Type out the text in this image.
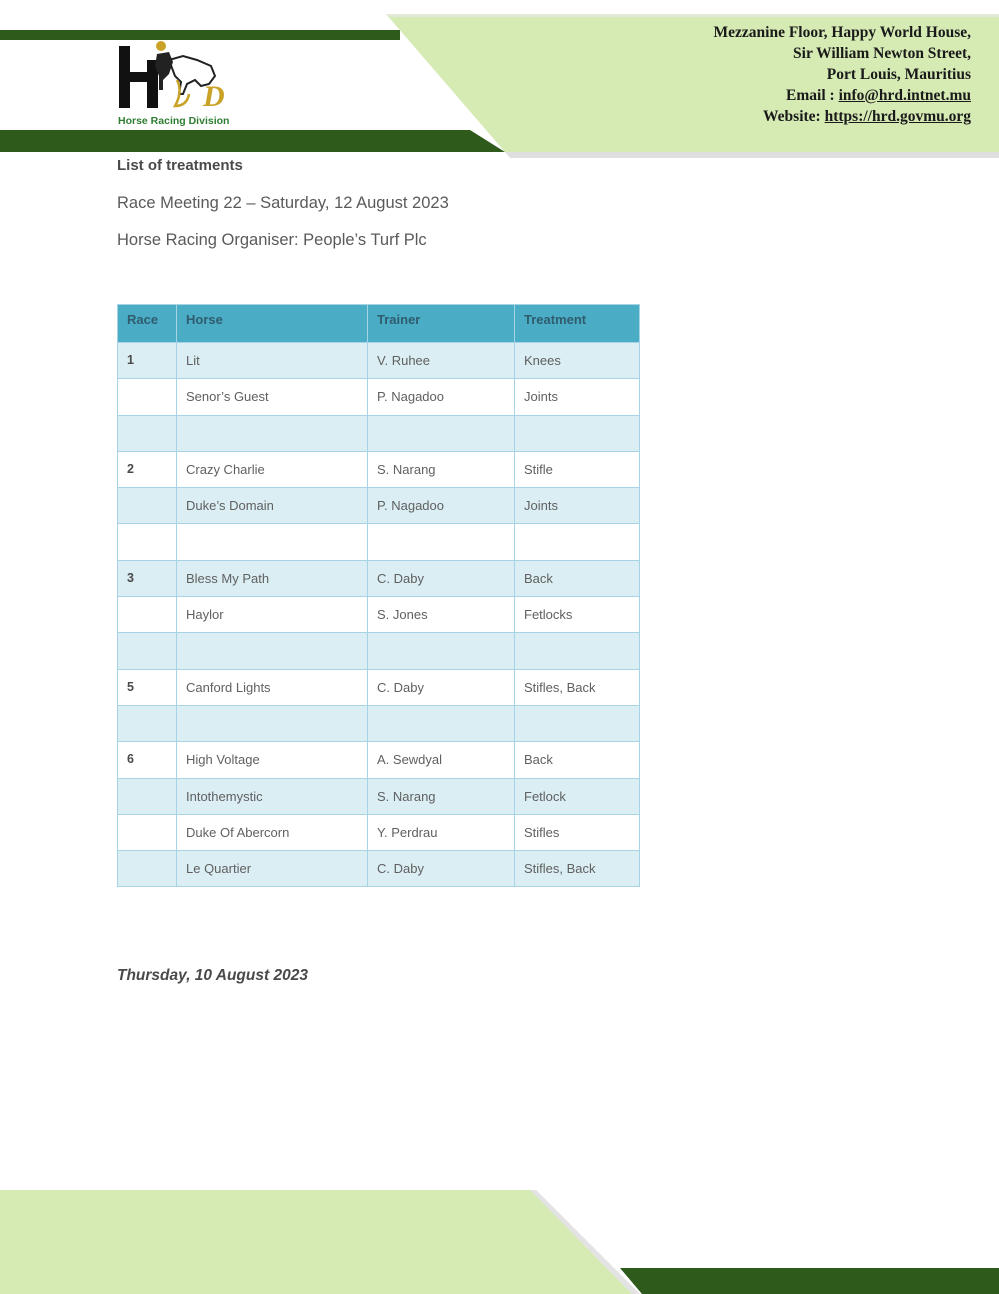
D
Horse Racing Division
Mezzanine Floor, Happy World House,
Sir William Newton Street,
Port Louis, Mauritius
Email : info@hrd.intnet.mu
Website: https://hrd.govmu.org
List of treatments
Race Meeting 22 – Saturday, 12 August 2023
Horse Racing Organiser: People’s Turf Plc
Race	Horse	Trainer	Treatment
1	Lit	V. Ruhee	Knees
	Senor’s Guest	P. Nagadoo	Joints

2	Crazy Charlie	S. Narang	Stifle
	Duke’s Domain	P. Nagadoo	Joints

3	Bless My Path	C. Daby	Back
	Haylor	S. Jones	Fetlocks

5	Canford Lights	C. Daby	Stifles, Back

6	High Voltage	A. Sewdyal	Back
	Intothemystic	S. Narang	Fetlock
	Duke Of Abercorn	Y. Perdrau	Stifles
	Le Quartier	C. Daby	Stifles, Back
Thursday, 10 August 2023
